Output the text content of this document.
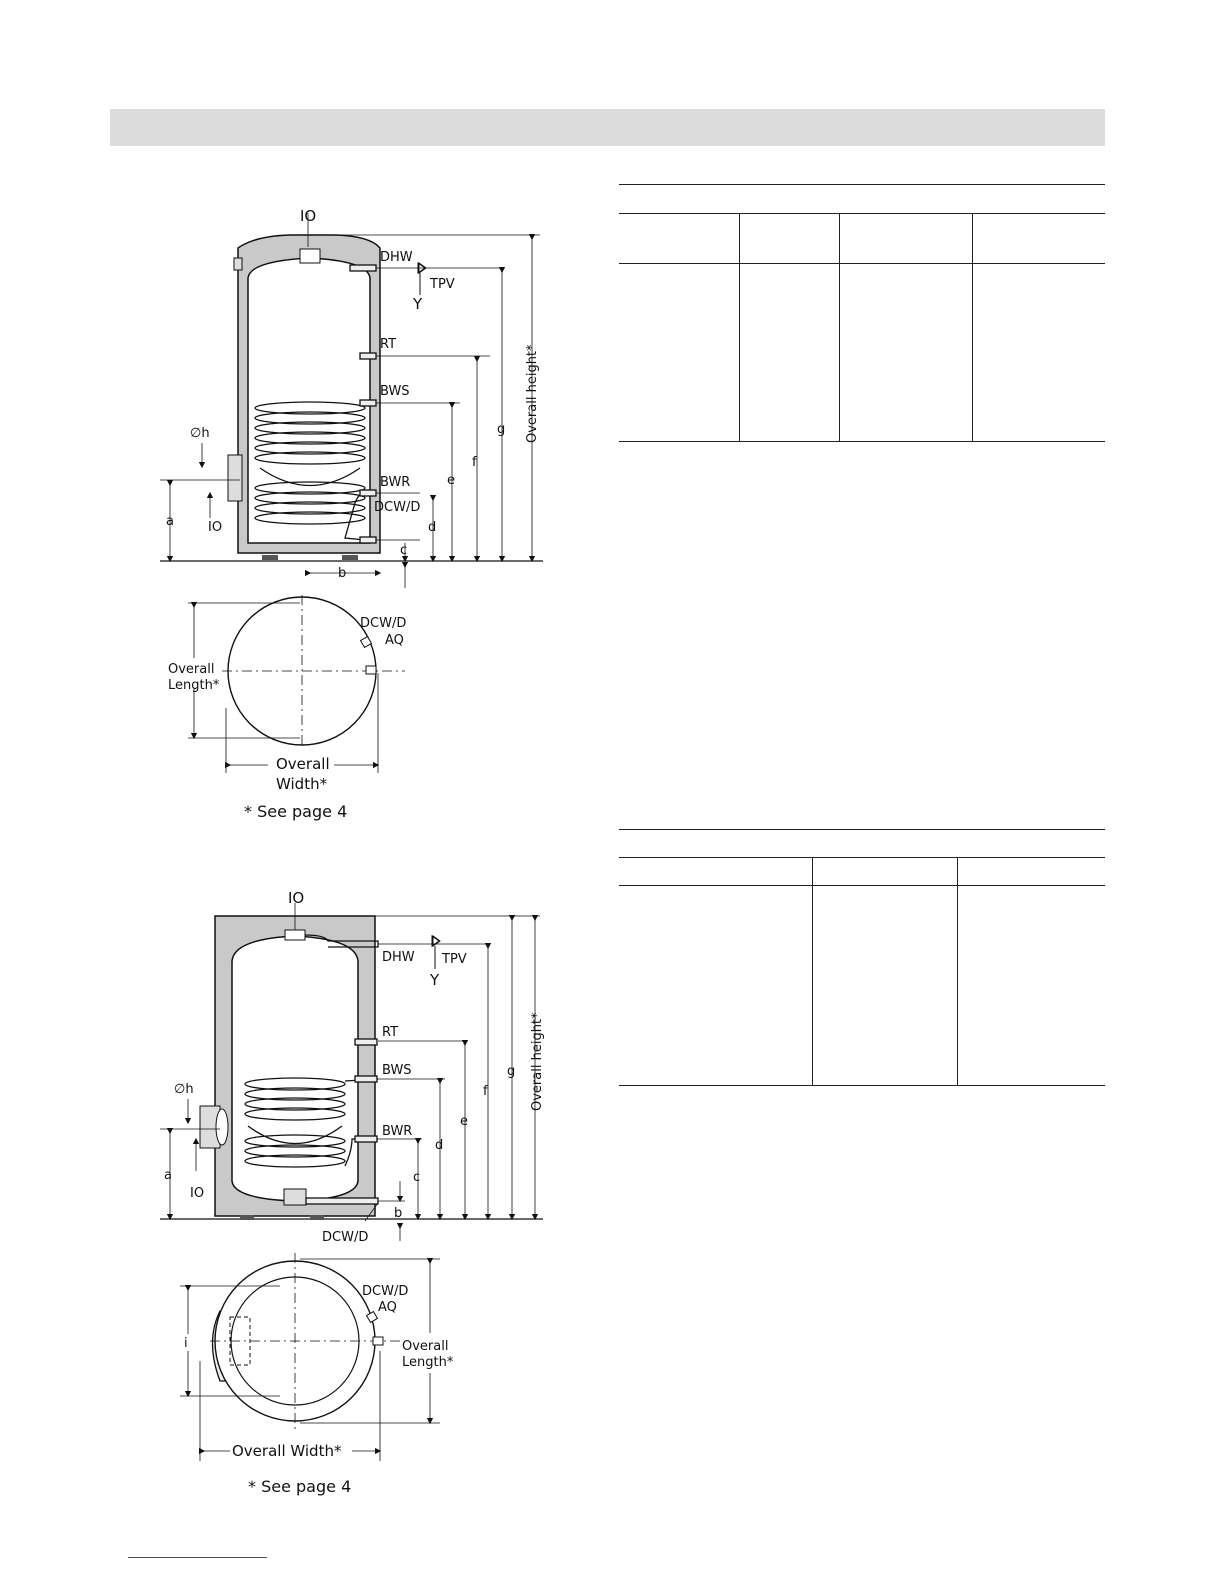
IO
DHW
TPV
Y
RT
BWS
BWR
DCW/D
∅h
IO
a
b
c
d
e
f
g Overall height*
DCW/D
AQ
Overall
Length*
Overall
Width*
* See page 4
IO
DHW TPV
Y
RT
BWS
BWR
DCW/D
∅h
IO
a
b
c
d
e
f
g Overall height*
DCW/D
AQ
i	Overall
Length*
Overall Width*
* See page 4
